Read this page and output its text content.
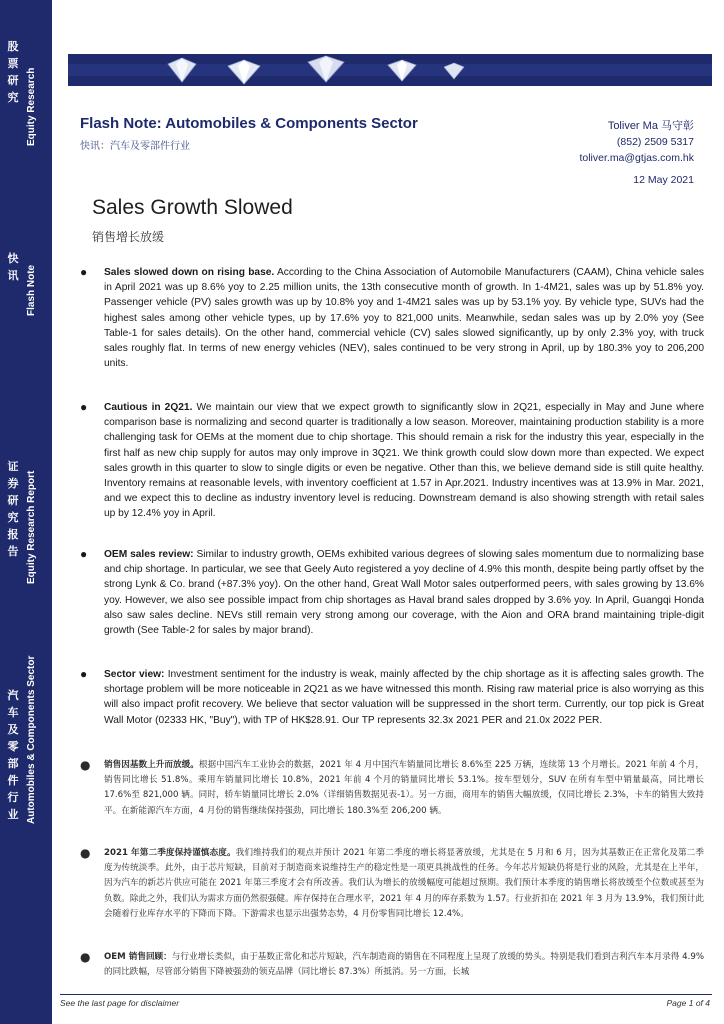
股票研究 Equity Research
快讯 Flash Note
证券研究报告 Equity Research Report
汽车及零部件行业 Automobiles & Components Sector
Flash Note: Automobiles & Components Sector
快讯：汽车及零部件行业
Toliver Ma 马守彰
(852) 2509 5317
toliver.ma@gtjas.com.hk
12 May 2021
Sales Growth Slowed
销售增长放缓
● Sales slowed down on rising base. According to the China Association of Automobile Manufacturers (CAAM), China vehicle sales in April 2021 was up 8.6% yoy to 2.25 million units, the 13th consecutive month of growth. In 1-4M21, sales was up by 51.8% yoy. Passenger vehicle (PV) sales growth was up by 10.8% yoy and 1-4M21 sales was up by 53.1% yoy. By vehicle type, SUVs had the highest sales among other vehicle types, up by 17.6% yoy to 821,000 units. Meanwhile, sedan sales was up by 2.0% yoy (See Table-1 for sales details). On the other hand, commercial vehicle (CV) sales slowed significantly, up by only 2.3% yoy, with truck sales roughly flat. In terms of new energy vehicles (NEV), sales continued to be very strong in April, up by 180.3% yoy to 206,200 units.
● Cautious in 2Q21. We maintain our view that we expect growth to significantly slow in 2Q21, especially in May and June where comparison base is normalizing and second quarter is traditionally a low season. Moreover, maintaining production stability is a more challenging task for OEMs at the moment due to chip shortage. This should remain a risk for the industry this year, especially in the first half as new chip supply for autos may only improve in 3Q21. We think growth could slow down more than expected. We expect sales growth in this quarter to slow to single digits or even be negative. Other than this, we believe demand side is still quite healthy. Inventory remains at reasonable levels, with inventory coefficient at 1.57 in Apr.2021. Industry incentives was at 13.9% in Mar. 2021, and we expect this to decline as industry inventory level is reducing. Downstream demand is also showing strength with retail sales up by 12.4% yoy in April.
● OEM sales review: Similar to industry growth, OEMs exhibited various degrees of slowing sales momentum due to normalizing base and chip shortage. In particular, we see that Geely Auto registered a yoy decline of 4.9% this month, despite being partly offset by the strong Lynk & Co. brand (+87.3% yoy). On the other hand, Great Wall Motor sales outperformed peers, with sales growing by 13.6% yoy. However, we also see possible impact from chip shortages as Haval brand sales dropped by 3.6% yoy. In April, Guangqi Honda also saw sales decline. NEVs still remain very strong among our coverage, with the Aion and ORA brand maintaining triple-digit growth (See Table-2 for sales by major brand).
● Sector view: Investment sentiment for the industry is weak, mainly affected by the chip shortage as it is affecting sales growth. The shortage problem will be more noticeable in 2Q21 as we have witnessed this month. Rising raw material price is also worrying as this will also impact profit recovery. We believe that sector valuation will be suppressed in the short term. Currently, our top pick is Great Wall Motor (02333 HK, "Buy"), with TP of HK$28.91. Our TP represents 32.3x 2021 PER and 21.0x 2022 PER.
● 销售因基数上升而放缓。根据中国汽车工业协会的数据，2021 年 4 月中国汽车销量同比增长 8.6%至 225 万辆，连续第 13 个月增长。2021 年前 4 个月，销售同比增长 51.8%。乘用车销量同比增长 10.8%，2021 年前 4 个月的销量同比增长 53.1%。按车型划分，SUV 在所有车型中销量最高，同比增长 17.6%至 821,000 辆。同时，轿车销量同比增长 2.0%（详细销售数据见表-1）。另一方面，商用车的销售大幅放缓，仅同比增长 2.3%，卡车的销售大致持平。在新能源汽车方面，4 月份的销售继续保持强劲，同比增长 180.3%至 206,200 辆。
● 2021 年第二季度保持谨慎态度。我们维持我们的观点并预计 2021 年第二季度的增长将显著放缓，尤其是在 5 月和 6 月，因为其基数正在正常化及第二季度为传统淡季。此外，由于芯片短缺，目前对于制造商来说维持生产的稳定性是一项更具挑战性的任务。今年芯片短缺仍将是行业的风险，尤其是在上半年，因为汽车的新芯片供应可能在 2021 年第三季度才会有所改善。我们认为增长的放缓幅度可能超过预期。我们预计本季度的销售增长将放缓至个位数或甚至为负数。除此之外，我们认为需求方面仍然很强健。库存保持在合理水平，2021 年 4 月的库存系数为 1.57。行业折扣在 2021 年 3 月为 13.9%，我们预计此会随着行业库存水平的下降而下降。下游需求也显示出强势态势，4 月份零售同比增长 12.4%。
● OEM 销售回顾：与行业增长类似，由于基数正常化和芯片短缺，汽车制造商的销售在不同程度上呈现了放缓的势头。特别是我们看到吉利汽车本月录得 4.9%的同比跌幅，尽管部分销售下降被强劲的领克品牌（同比增长 87.3%）所抵消。另一方面，长城
See the last page for disclaimer	Page 1 of 4
